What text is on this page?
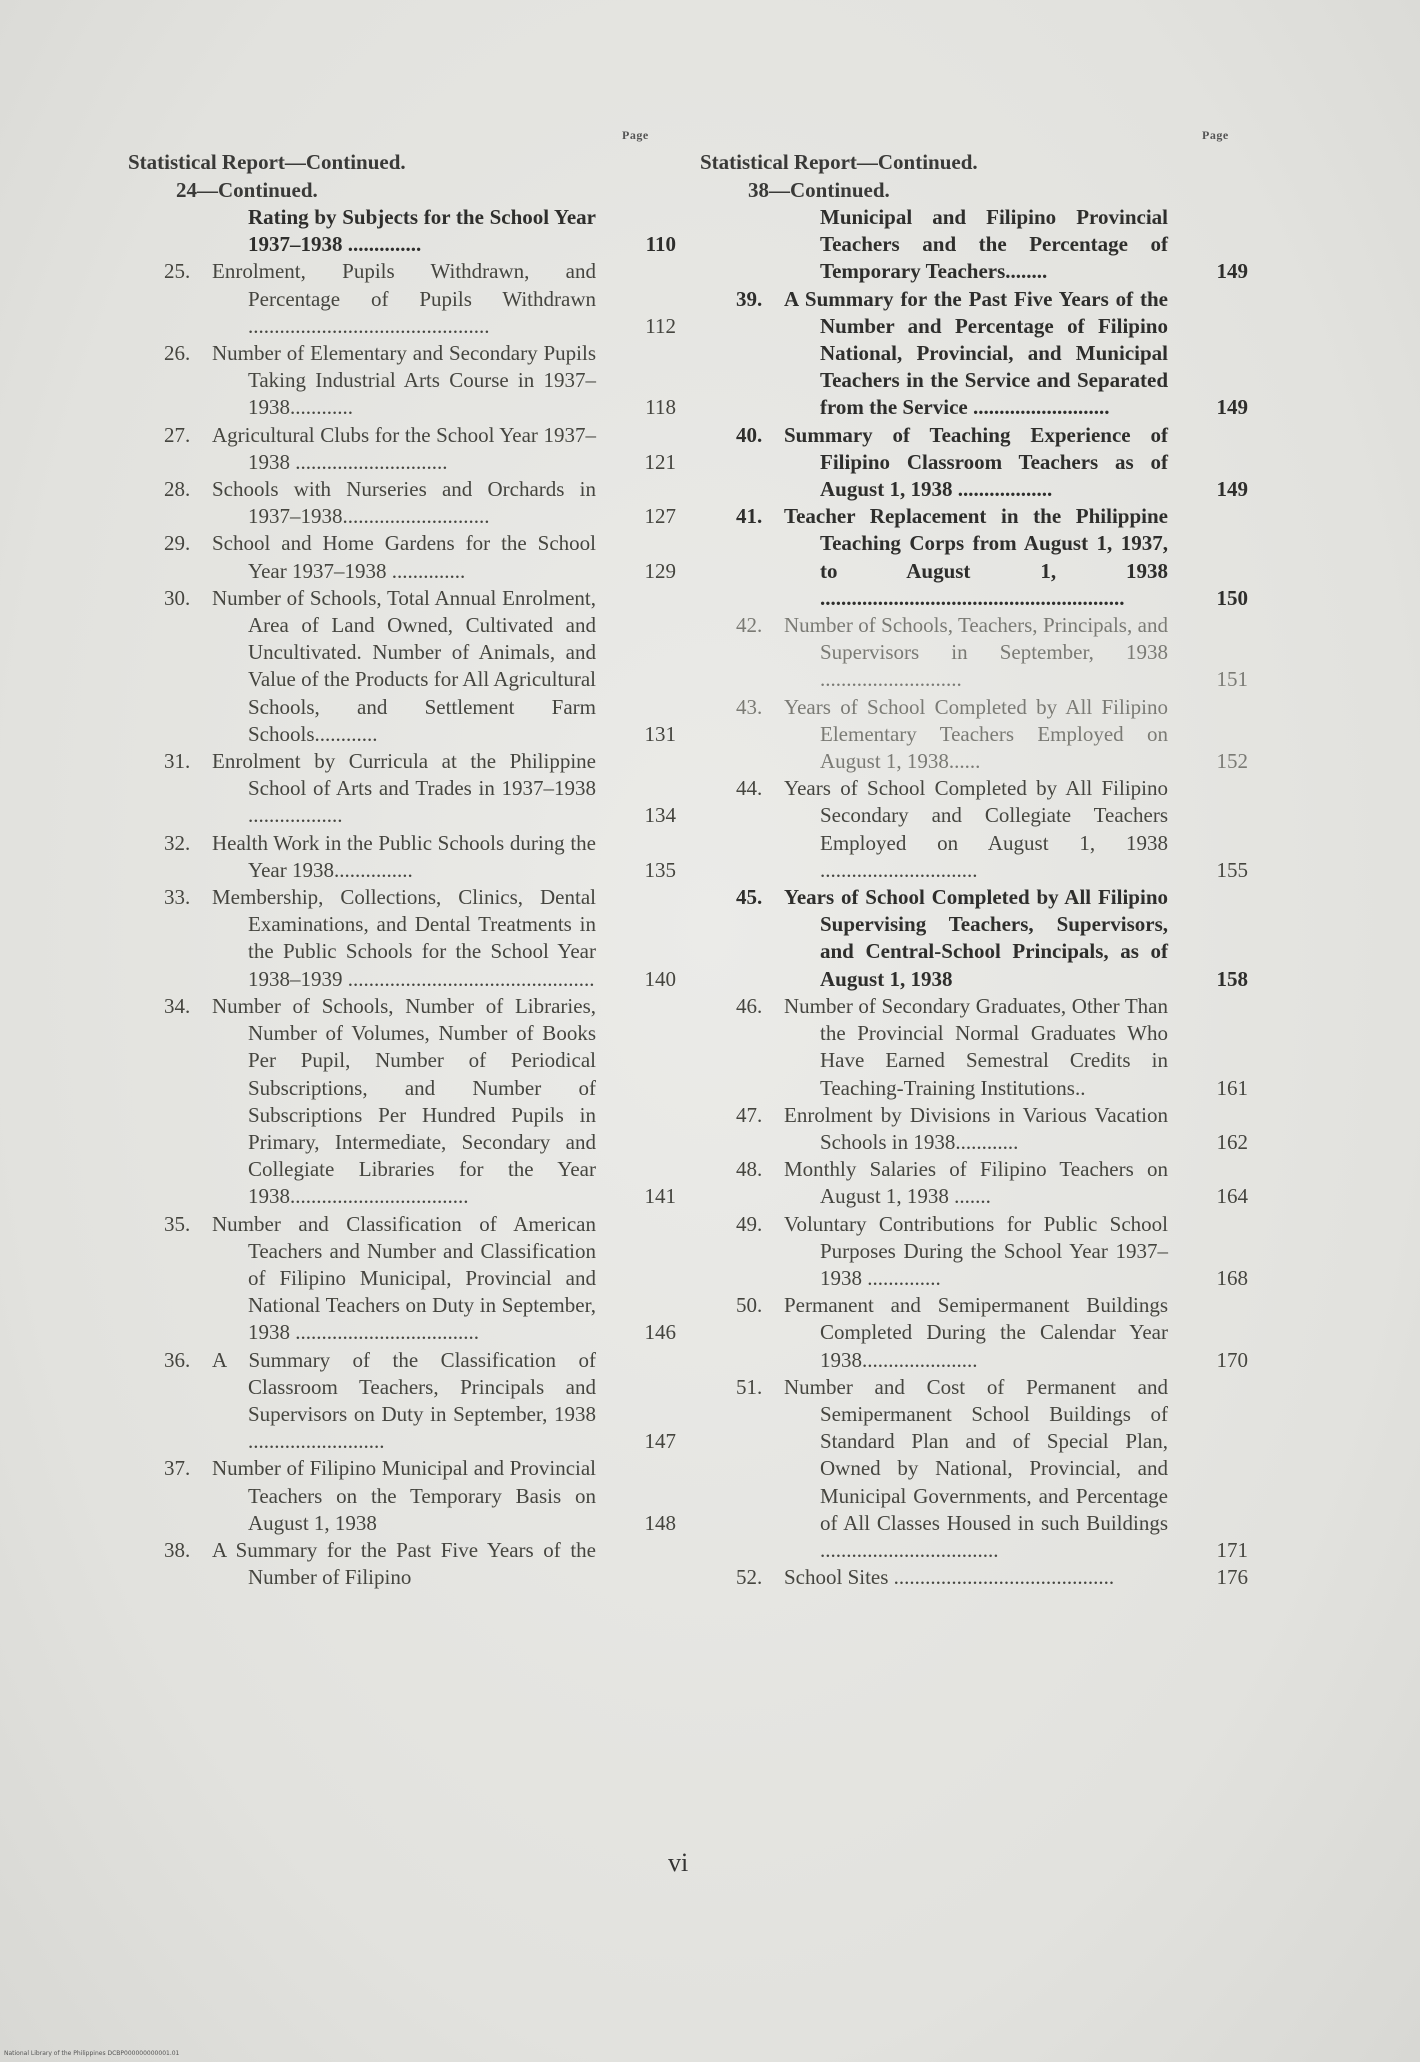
Page	Page
Statistical Report—Continued.	Statistical Report—Continued.
24—Continued.	38—Continued.
Rating by Subjects for the School Year 1937–1938 ..............	110
25.	Enrolment, Pupils Withdrawn, and Percentage of Pupils Withdrawn ..............................................	112
26.	Number of Elementary and Secondary Pupils Taking Industrial Arts Course in 1937–1938............	118
27.	Agricultural Clubs for the School Year 1937–1938 .............................	121
28.	Schools with Nurseries and Orchards in 1937–1938............................	127
29.	School and Home Gardens for the School Year 1937–1938 ..............	129
30.	Number of Schools, Total Annual Enrolment, Area of Land Owned, Cultivated and Uncultivated. Number of Animals, and Value of the Products for All Agricultural Schools, and Settlement Farm Schools............	131
31.	Enrolment by Curricula at the Philippine School of Arts and Trades in 1937–1938 ..................	134
32.	Health Work in the Public Schools during the Year 1938...............	135
33.	Membership, Collections, Clinics, Dental Examinations, and Dental Treatments in the Public Schools for the School Year 1938–1939 ...............................................	140
34.	Number of Schools, Number of Libraries, Number of Volumes, Number of Books Per Pupil, Number of Periodical Subscriptions, and Number of Subscriptions Per Hundred Pupils in Primary, Intermediate, Secondary and Collegiate Libraries for the Year 1938..................................	141
35.	Number and Classification of American Teachers and Number and Classification of Filipino Municipal, Provincial and National Teachers on Duty in September, 1938 ...................................	146
36.	A Summary of the Classification of Classroom Teachers, Principals and Supervisors on Duty in September, 1938 ..........................	147
37.	Number of Filipino Municipal and Provincial Teachers on the Temporary Basis on August 1, 1938	148
38.	A Summary for the Past Five Years of the Number of Filipino
Municipal and Filipino Provincial Teachers and the Percentage of Temporary Teachers........	149
39.	A Summary for the Past Five Years of the Number and Percentage of Filipino National, Provincial, and Municipal Teachers in the Service and Separated from the Service ..........................	149
40.	Summary of Teaching Experience of Filipino Classroom Teachers as of August 1, 1938 ..................	149
41.	Teacher Replacement in the Philippine Teaching Corps from August 1, 1937, to August 1, 1938 ..........................................................	150
42.	Number of Schools, Teachers, Principals, and Supervisors in September, 1938 ...........................	151
43.	Years of School Completed by All Filipino Elementary Teachers Employed on August 1, 1938......	152
44.	Years of School Completed by All Filipino Secondary and Collegiate Teachers Employed on August 1, 1938 ..............................	155
45.	Years of School Completed by All Filipino Supervising Teachers, Supervisors, and Central-School Principals, as of August 1, 1938	158
46.	Number of Secondary Graduates, Other Than the Provincial Normal Graduates Who Have Earned Semestral Credits in Teaching-Training Institutions..	161
47.	Enrolment by Divisions in Various Vacation Schools in 1938............	162
48.	Monthly Salaries of Filipino Teachers on August 1, 1938 .......	164
49.	Voluntary Contributions for Public School Purposes During the School Year 1937–1938 ..............	168
50.	Permanent and Semipermanent Buildings Completed During the Calendar Year 1938......................	170
51.	Number and Cost of Permanent and Semipermanent School Buildings of Standard Plan and of Special Plan, Owned by National, Provincial, and Municipal Governments, and Percentage of All Classes Housed in such Buildings ..................................	171
52.	School Sites ..........................................	176
vi
National Library of the Philippines DCBP000000000001.01
